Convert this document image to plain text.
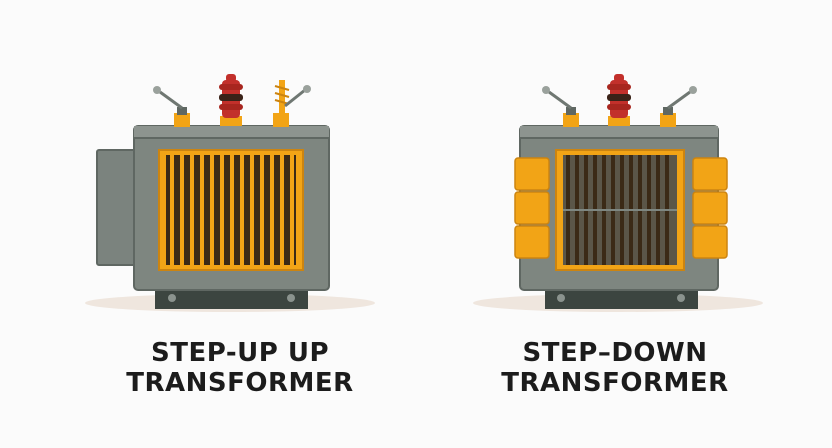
STEP-UP UP
TRANSFORMER
STEP–DOWN
TRANSFORMER
